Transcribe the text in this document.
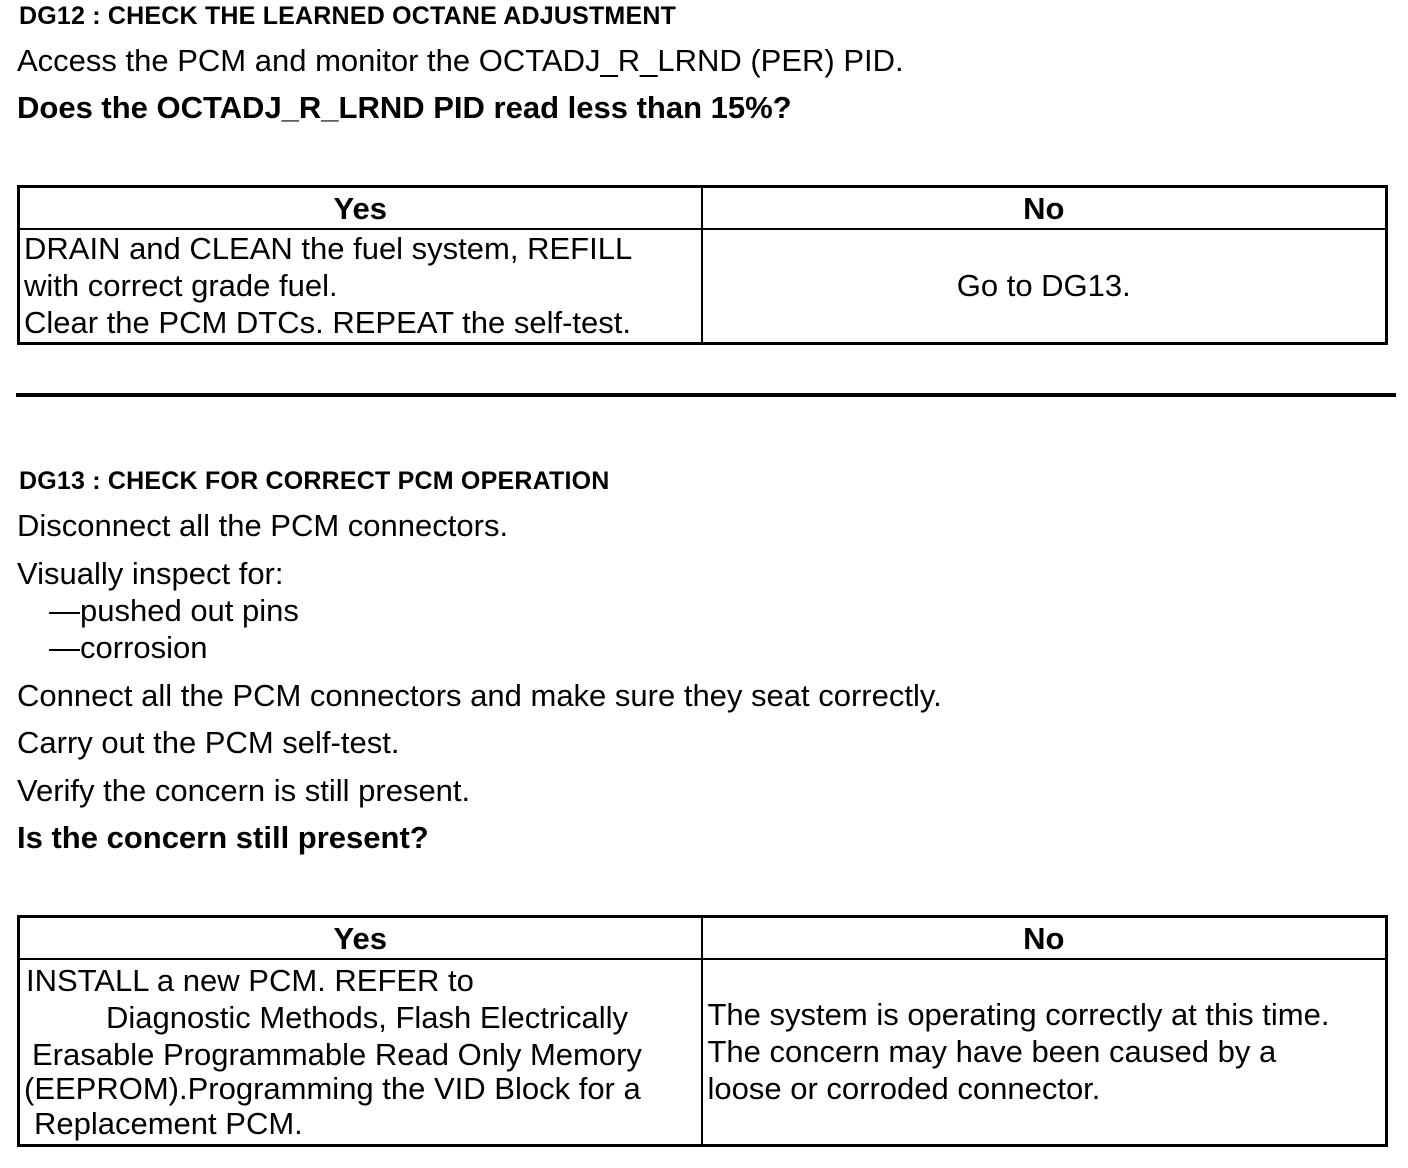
DG12 : CHECK THE LEARNED OCTANE ADJUSTMENT
Access the PCM and monitor the OCTADJ_R_LRND (PER) PID.
Does the OCTADJ_R_LRND PID read less than 15%?
Yes	No

DRAIN and CLEAN the fuel system, REFILL
with correct grade fuel.
Clear the PCM DTCs. REPEAT the self-test.	Go to DG13.
DG13 : CHECK FOR CORRECT PCM OPERATION
Disconnect all the PCM connectors.
Visually inspect for:
—pushed out pins
—corrosion
Connect all the PCM connectors and make sure they seat correctly.
Carry out the PCM self-test.
Verify the concern is still present.
Is the concern still present?
Yes	No

INSTALL a new PCM. REFER to
Diagnostic Methods, Flash Electrically
Erasable Programmable Read Only Memory
(EEPROM).Programming the VID Block for a
Replacement PCM.	The system is operating correctly at this time.
The concern may have been caused by a
loose or corroded connector.
